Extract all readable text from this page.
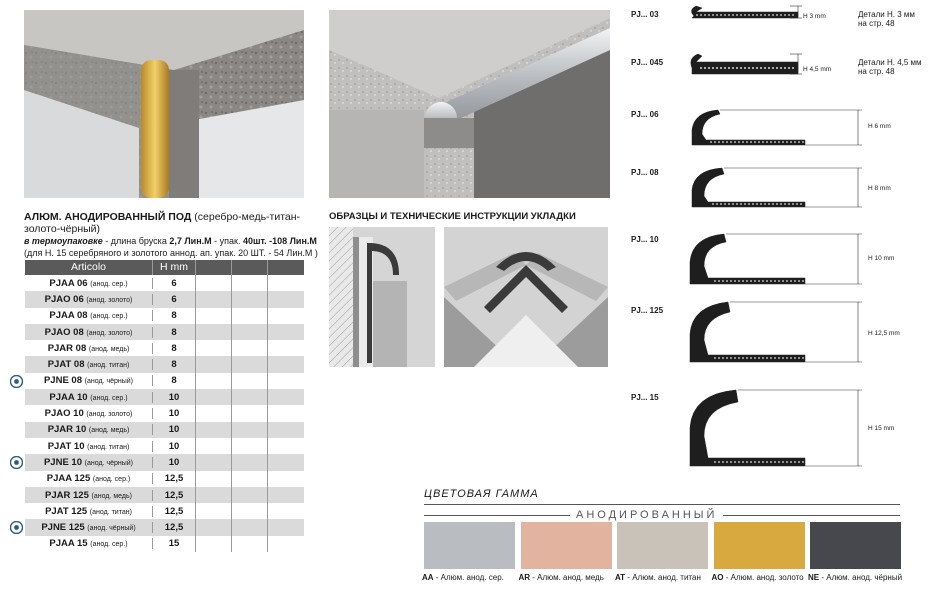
АЛЮМ. АНОДИРОВАННЫЙ ПОД (серебро-медь-титан-золото-чёрный)
в термоупаковке - длина бруска 2,7 Лин.М - упак. 40шт. -108 Лин.М
(для Н. 15 серебряного и золотого аннод. ап. упак. 20 ШТ. - 54 Лин.М )
Articolo	H mm
PJAA 06 (анод. сер.)	6
PJAO 06 (анод. золото)	6
PJAA 08 (анод. сер.)	8
PJAO 08 (анод. золото)	8
PJAR 08 (анод. медь)	8
PJAT 08 (анод. титан)	8
PJNE 08 (анод. чёрный)	8
PJAA 10 (анод. сер.)	10
PJAO 10 (анод. золото)	10
PJAR 10 (анод. медь)	10
PJAT 10 (анод. титан)	10
PJNE 10 (анод. чёрный)	10
PJAA 125 (анод. сер.)	12,5
PJAR 125 (анод. медь)	12,5
PJAT 125 (анод. титан)	12,5
PJNE 125 (анод. чёрный)	12,5
PJAA 15 (анод. сер.)	15
ОБРАЗЦЫ И ТЕХНИЧЕСКИЕ ИНСТРУКЦИИ УКЛАДКИ
PJ... 03
PJ... 045
PJ... 06
PJ... 08
PJ... 10
PJ... 125
PJ... 15
H 3 mm
H 4,5 mm
H 6 mm
H 8 mm
H 10 mm
H 12,5 mm
H 15 mm
Детали Н. 3 мм
на стр. 48
Детали Н. 4,5 мм
на стр. 48
ЦВЕТОВАЯ ГАММА
АНОДИРОВАННЫЙ
AA - Алюм. анод. сер. AR - Алюм. анод. медь AT - Алюм. анод. титан AO - Алюм. анод. золото NE - Алюм. анод. чёрный
